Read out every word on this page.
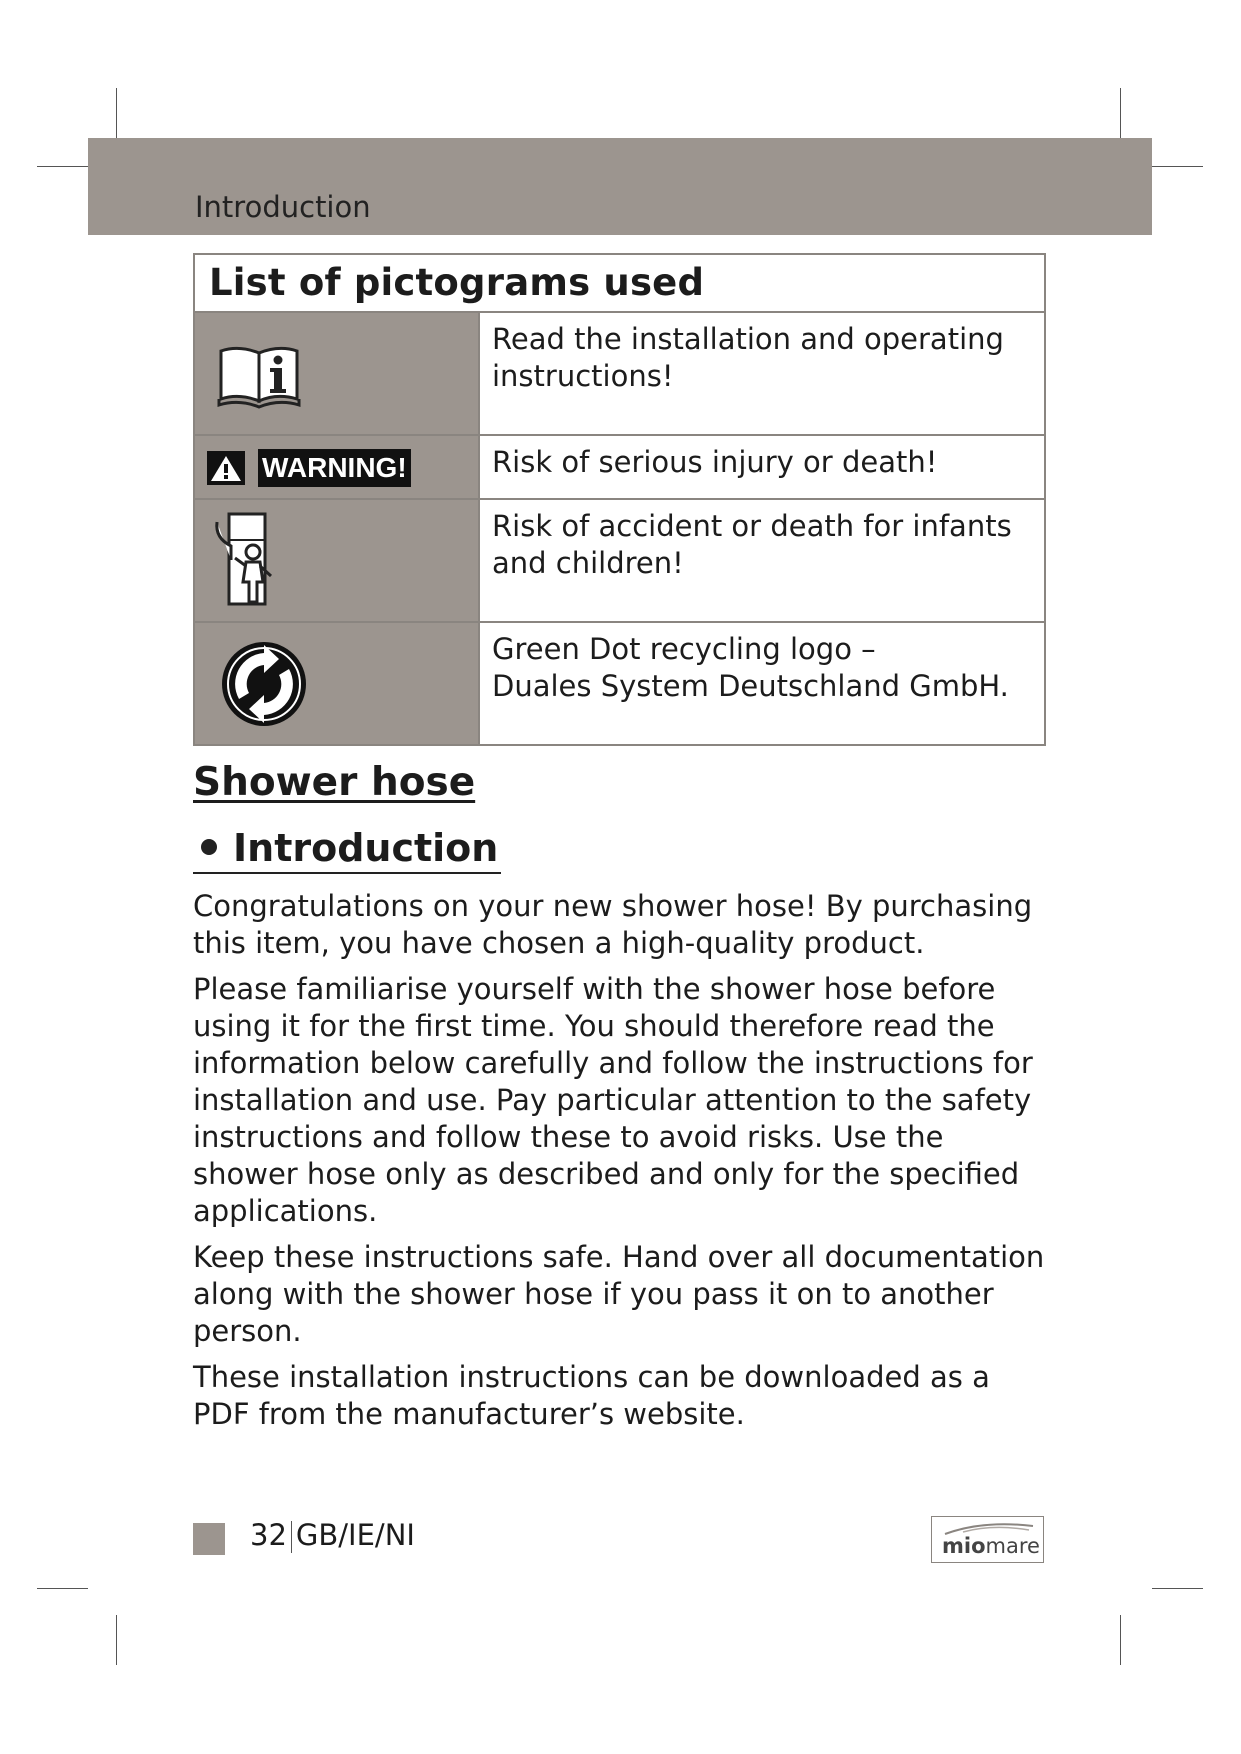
Introduction
List of pictograms used
Read the installation and operating instructions!
WARNING!	Risk of serious injury or death!
Risk of accident or death for infants and children!
Green Dot recycling logo –
Duales System Deutschland GmbH.
Shower hose
Introduction

Congratulations on your new shower hose! By purchasing this item, you have chosen a high-quality product.

Please familiarise yourself with the shower hose before using it for the first time. You should therefore read the information below carefully and follow the instructions for installation and use. Pay particular attention to the safety instructions and follow these to avoid risks. Use the shower hose only as described and only for the specified applications.

Keep these instructions safe. Hand over all documentation along with the shower hose if you pass it on to another person.

These installation instructions can be downloaded as a PDF from the manufacturer’s website.

32 GB/IE/NI	miomare
